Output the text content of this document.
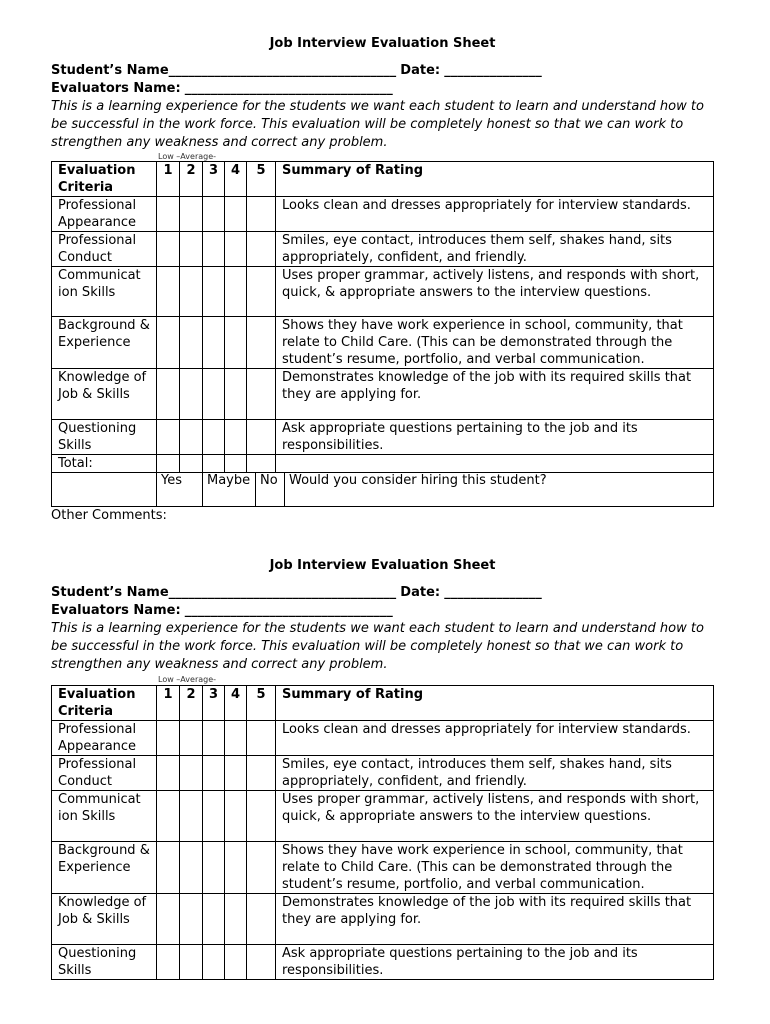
Job Interview Evaluation Sheet
Student’s Name___________________________________ Date: _______________
Evaluators Name: ________________________________
This is a learning experience for the students we want each student to learn and understand how to be successful in the work force. This evaluation will be completely honest so that we can work to strengthen any weakness and correct any problem.
Low –Average-
Evaluation Criteria	1	2	3	4	5	Summary of Rating
Professional Appearance						Looks clean and dresses appropriately for interview standards.
Professional Conduct						Smiles, eye contact, introduces them self, shakes hand, sits appropriately, confident, and friendly.
Communicat ion Skills						Uses proper grammar, actively listens, and responds with short, quick, & appropriate answers to the interview questions.
Background & Experience						Shows they have work experience in school, community, that relate to Child Care. (This can be demonstrated through the student’s resume, portfolio, and verbal communication.
Knowledge of Job & Skills						Demonstrates knowledge of the job with its required skills that they are applying for.
Questioning Skills						Ask appropriate questions pertaining to the job and its responsibilities.
Total:						
	Yes	Maybe	No	Would you consider hiring this student?
Other Comments:
Job Interview Evaluation Sheet
Student’s Name___________________________________ Date: _______________
Evaluators Name: ________________________________
This is a learning experience for the students we want each student to learn and understand how to be successful in the work force. This evaluation will be completely honest so that we can work to strengthen any weakness and correct any problem.
Low –Average-
Evaluation Criteria	1	2	3	4	5	Summary of Rating
Professional Appearance						Looks clean and dresses appropriately for interview standards.
Professional Conduct						Smiles, eye contact, introduces them self, shakes hand, sits appropriately, confident, and friendly.
Communicat ion Skills						Uses proper grammar, actively listens, and responds with short, quick, & appropriate answers to the interview questions.
Background & Experience						Shows they have work experience in school, community, that relate to Child Care. (This can be demonstrated through the student’s resume, portfolio, and verbal communication.
Knowledge of Job & Skills						Demonstrates knowledge of the job with its required skills that they are applying for.
Questioning Skills						Ask appropriate questions pertaining to the job and its responsibilities.
